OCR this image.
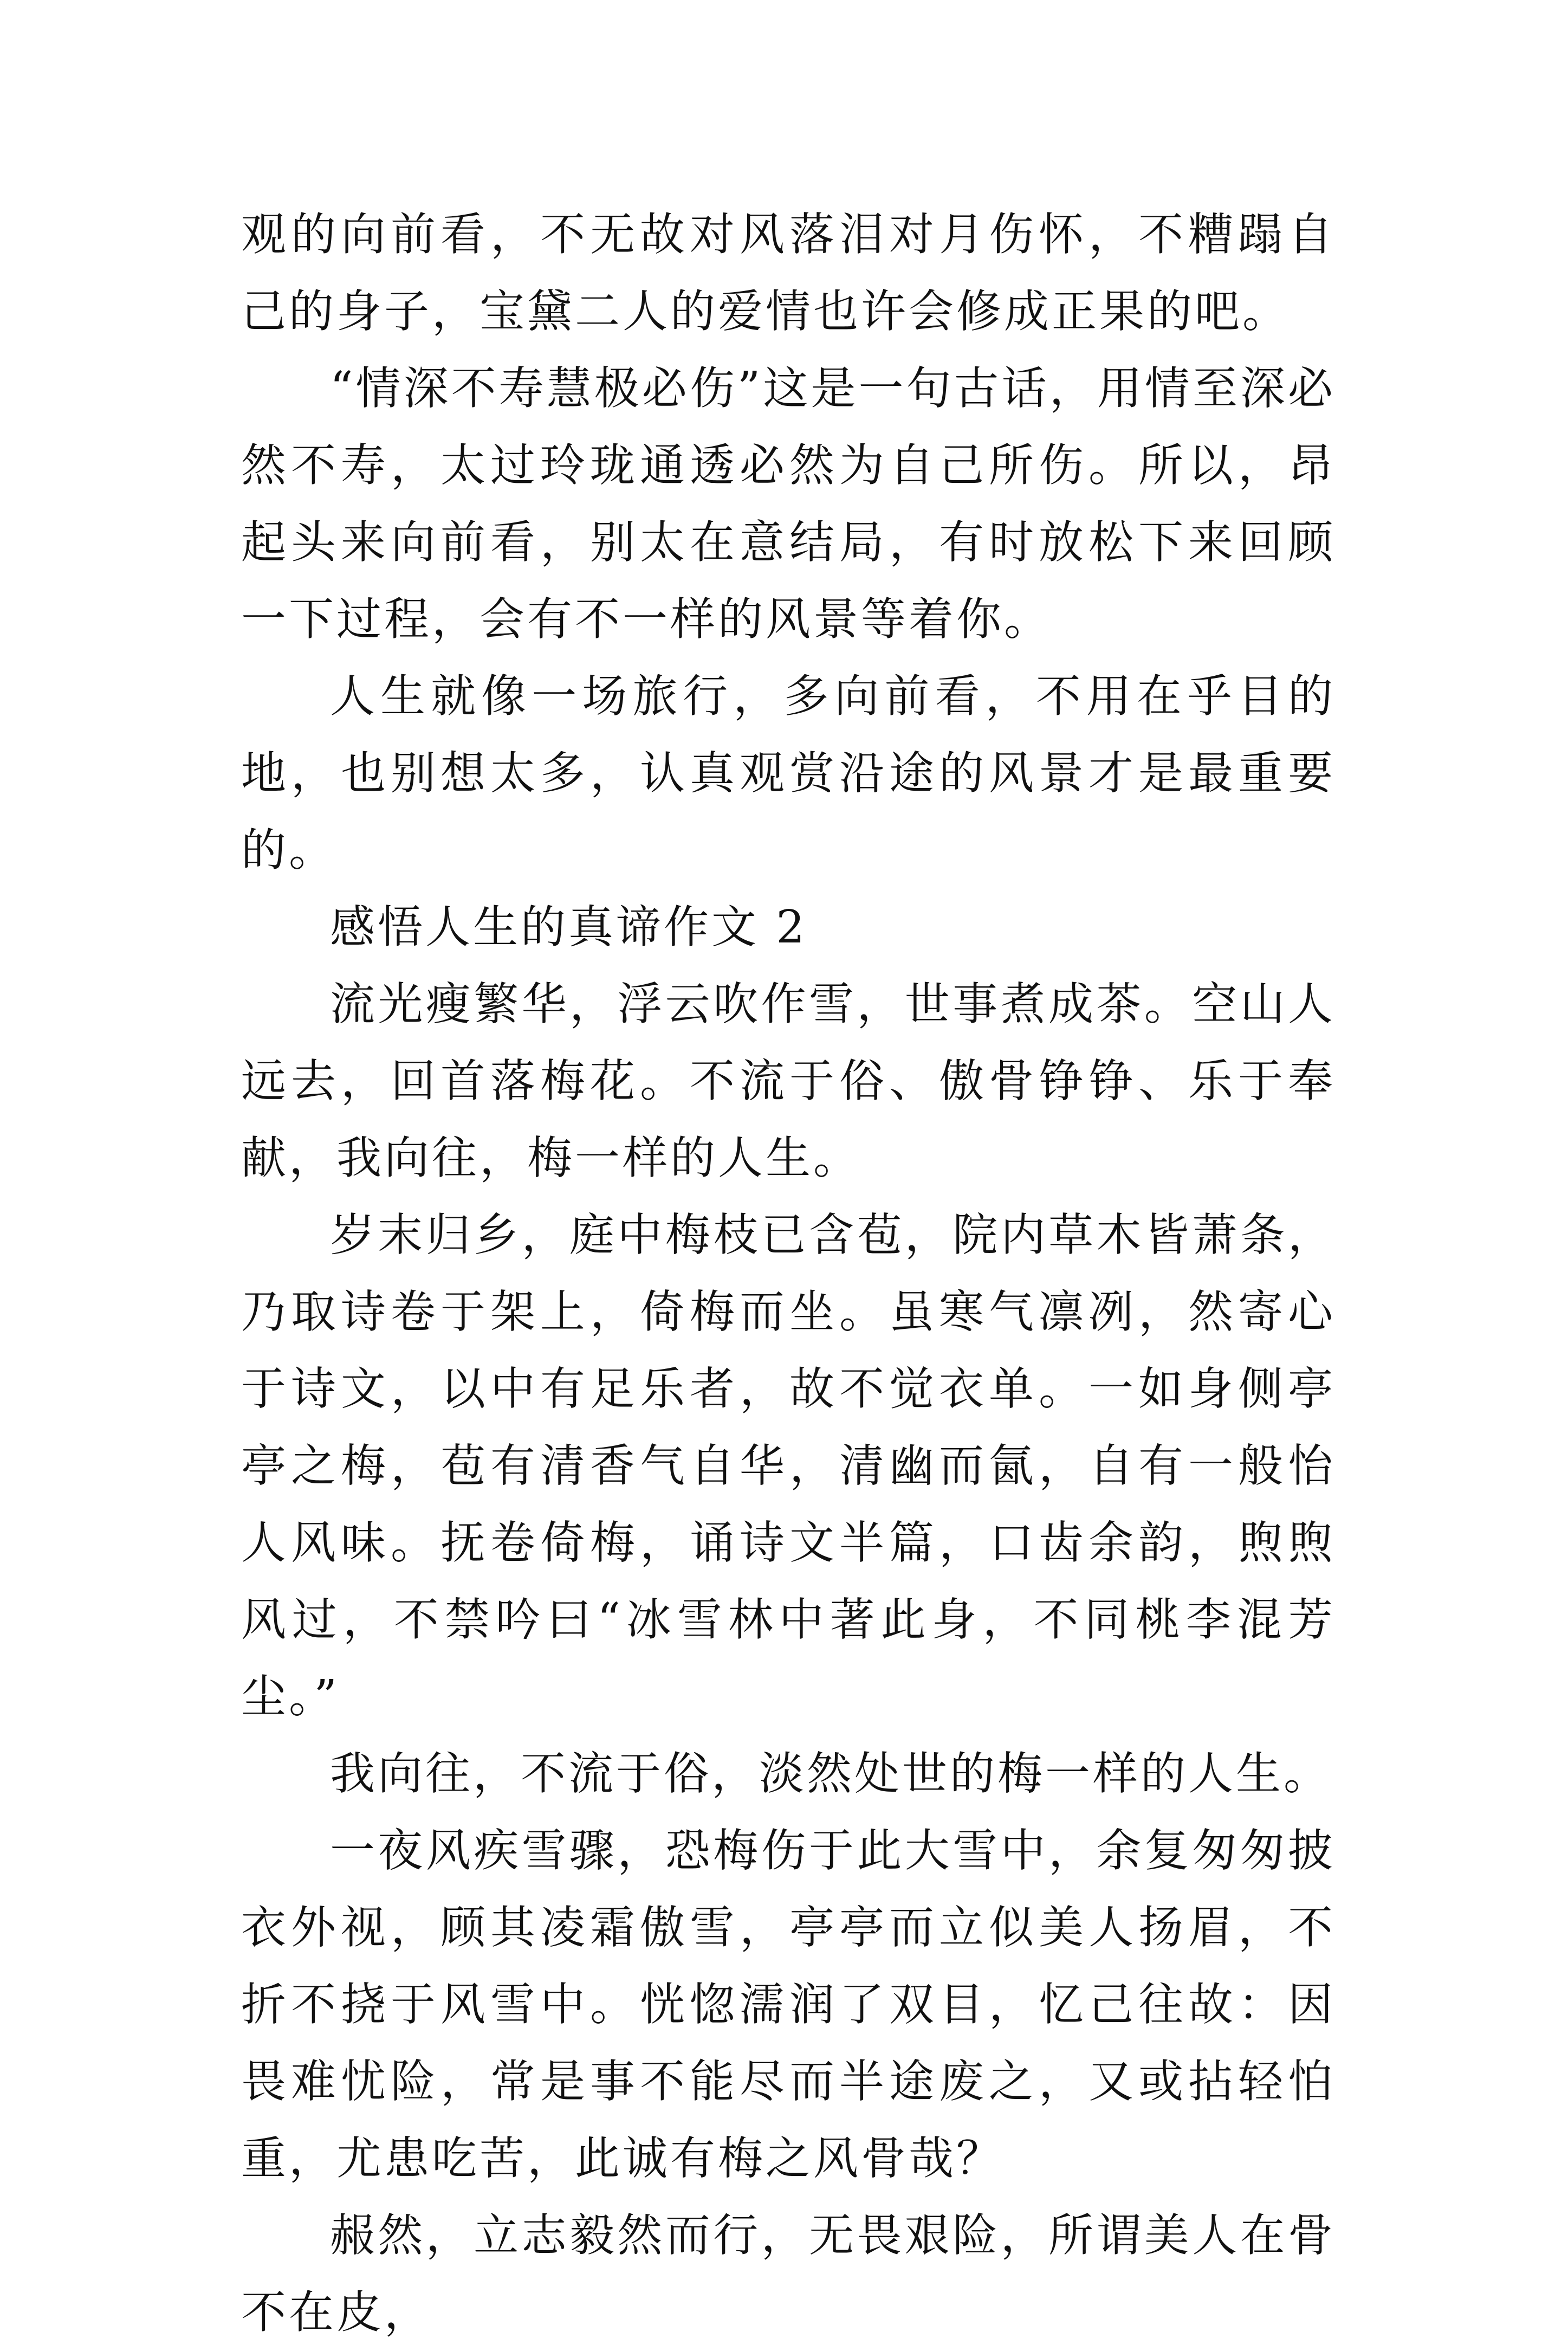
观的向前看，不无故对风落泪对月伤怀，不糟蹋自己的身子，宝黛二人的爱情也许会修成正果的吧。

“情深不寿慧极必伤”这是一句古话，用情至深必然不寿，太过玲珑通透必然为自己所伤。所以，昂起头来向前看，别太在意结局，有时放松下来回顾一下过程，会有不一样的风景等着你。

人生就像一场旅行，多向前看，不用在乎目的地，也别想太多，认真观赏沿途的风景才是最重要的。

感悟人生的真谛作文 2

流光瘦繁华，浮云吹作雪，世事煮成茶。空山人远去，回首落梅花。不流于俗、傲骨铮铮、乐于奉献，我向往，梅一样的人生。

岁末归乡，庭中梅枝已含苞，院内草木皆萧条，乃取诗卷于架上，倚梅而坐。虽寒气凛冽，然寄心于诗文，以中有足乐者，故不觉衣单。一如身侧亭亭之梅，苞有清香气自华，清幽而氤，自有一般怡人风味。抚卷倚梅，诵诗文半篇，口齿余韵，煦煦风过，不禁吟曰“冰雪林中著此身，不同桃李混芳尘。”

我向往，不流于俗，淡然处世的梅一样的人生。

一夜风疾雪骤，恐梅伤于此大雪中，余复匆匆披衣外视，顾其凌霜傲雪，亭亭而立似美人扬眉，不折不挠于风雪中。恍惚濡润了双目，忆己往故：因畏难忧险，常是事不能尽而半途废之，又或拈轻怕重，尤患吃苦，此诚有梅之风骨哉？

赧然，立志毅然而行，无畏艰险，所谓美人在骨不在皮，
